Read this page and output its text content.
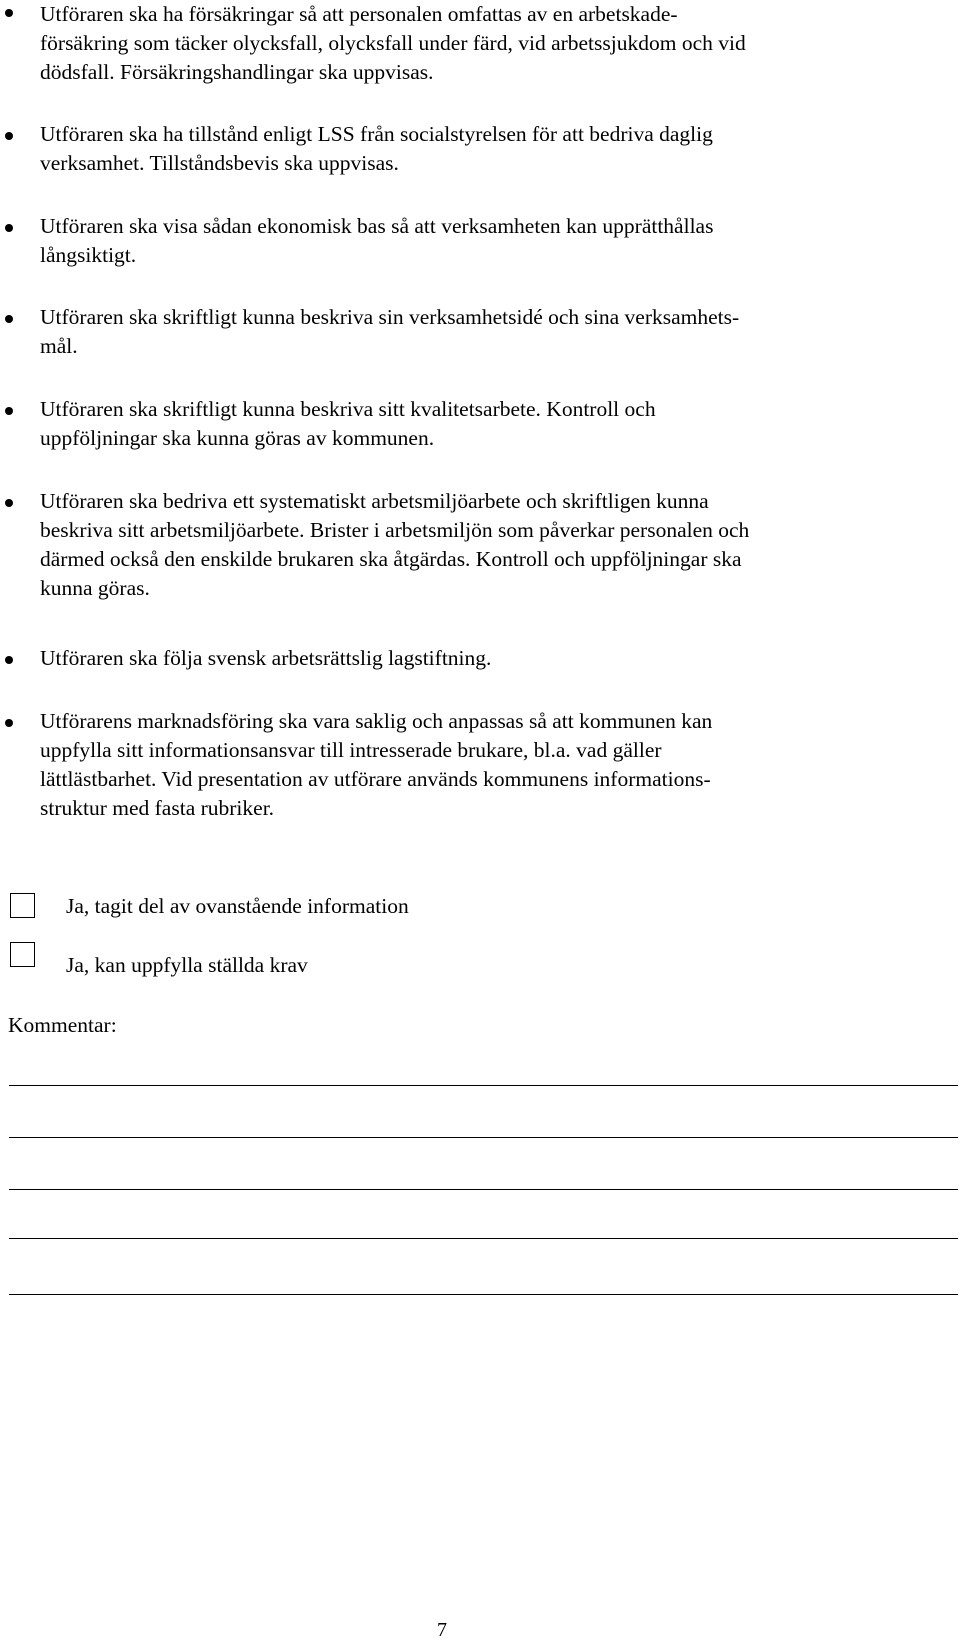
Utföraren ska ha försäkringar så att personalen omfattas av en arbetskade-
försäkring som täcker olycksfall, olycksfall under färd, vid arbetssjukdom och vid
dödsfall. Försäkringshandlingar ska uppvisas.
Utföraren ska ha tillstånd enligt LSS från socialstyrelsen för att bedriva daglig
verksamhet. Tillståndsbevis ska uppvisas.
Utföraren ska visa sådan ekonomisk bas så att verksamheten kan upprätthållas
långsiktigt.
Utföraren ska skriftligt kunna beskriva sin verksamhetsidé och sina verksamhets-
mål.
Utföraren ska skriftligt kunna beskriva sitt kvalitetsarbete. Kontroll och
uppföljningar ska kunna göras av kommunen.
Utföraren ska bedriva ett systematiskt arbetsmiljöarbete och skriftligen kunna
beskriva sitt arbetsmiljöarbete. Brister i arbetsmiljön som påverkar personalen och
därmed också den enskilde brukaren ska åtgärdas. Kontroll och uppföljningar ska
kunna göras.
Utföraren ska följa svensk arbetsrättslig lagstiftning.
Utförarens marknadsföring ska vara saklig och anpassas så att kommunen kan
uppfylla sitt informationsansvar till intresserade brukare, bl.a. vad gäller
lättlästbarhet. Vid presentation av utförare används kommunens informations-
struktur med fasta rubriker.
Ja, tagit del av ovanstående information
Ja, kan uppfylla ställda krav
Kommentar:
7
